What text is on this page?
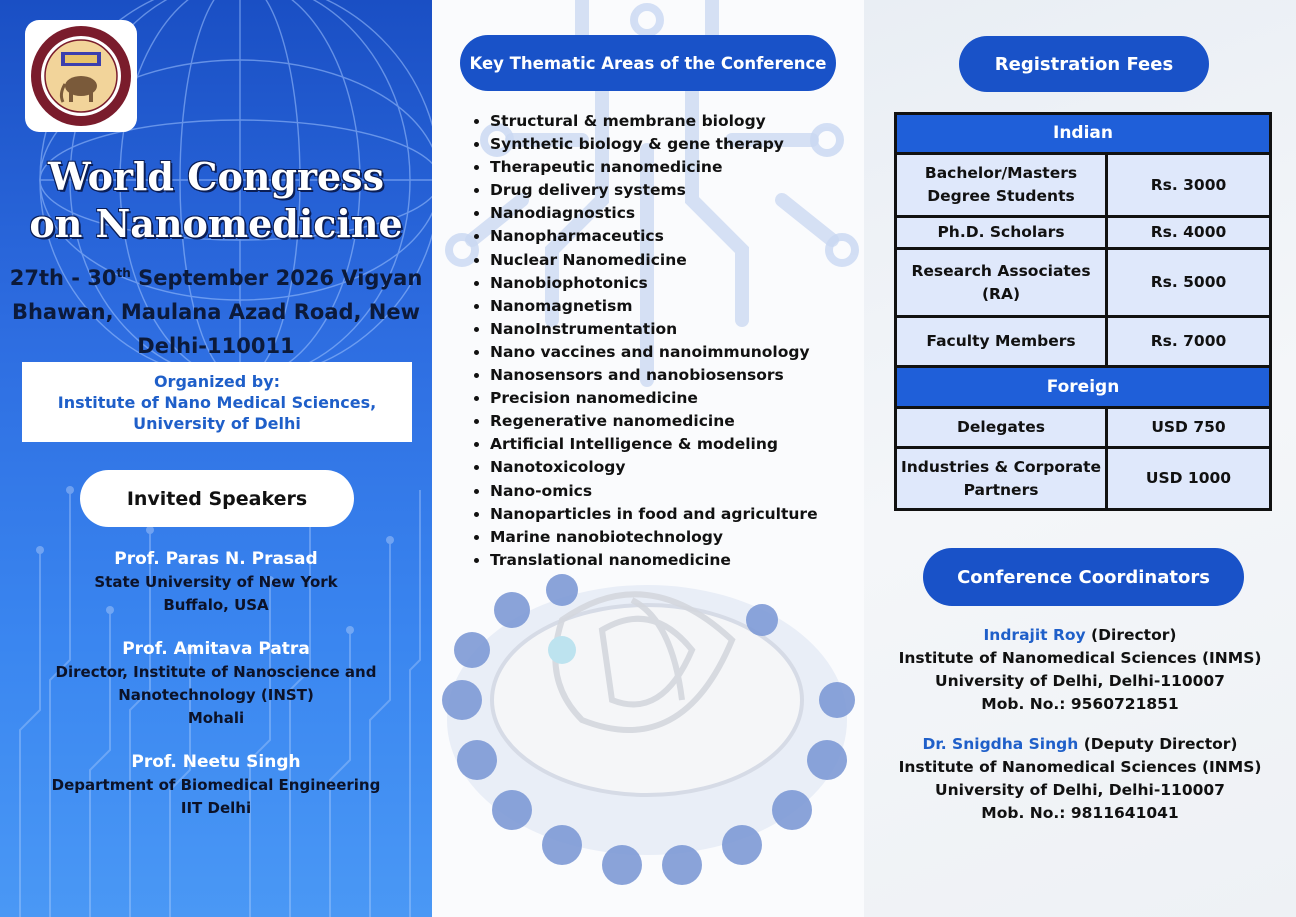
World Congress
on Nanomedicine
27th - 30th September 2026 Vigyan Bhawan, Maulana Azad Road, New Delhi-110011
Organized by:
Institute of Nano Medical Sciences,
University of Delhi
Invited Speakers
Prof. Paras N. Prasad
State University of New York
Buffalo, USA
Prof. Amitava Patra
Director, Institute of Nanoscience and
Nanotechnology (INST)
Mohali
Prof. Neetu Singh
Department of Biomedical Engineering
IIT Delhi
Key Thematic Areas of the Conference
• Structural & membrane biology
• Synthetic biology & gene therapy
• Therapeutic nanomedicine
• Drug delivery systems
• Nanodiagnostics
• Nanopharmaceutics
• Nuclear Nanomedicine
• Nanobiophotonics
• Nanomagnetism
• NanoInstrumentation
• Nano vaccines and nanoimmunology
• Nanosensors and nanobiosensors
• Precision nanomedicine
• Regenerative nanomedicine
• Artificial Intelligence & modeling
• Nanotoxicology
• Nano-omics
• Nanoparticles in food and agriculture
• Marine nanobiotechnology
• Translational nanomedicine
Registration Fees
Indian	
Bachelor/Masters Degree Students	Rs. 3000
Ph.D. Scholars	Rs. 4000
Research Associates (RA)	Rs. 5000
Faculty Members	Rs. 7000
Foreign	
Delegates	USD 750
Industries & Corporate Partners	USD 1000
Conference Coordinators
Indrajit Roy (Director)
Institute of Nanomedical Sciences (INMS)
University of Delhi, Delhi-110007
Mob. No.: 9560721851
Dr. Snigdha Singh (Deputy Director)
Institute of Nanomedical Sciences (INMS)
University of Delhi, Delhi-110007
Mob. No.: 9811641041
